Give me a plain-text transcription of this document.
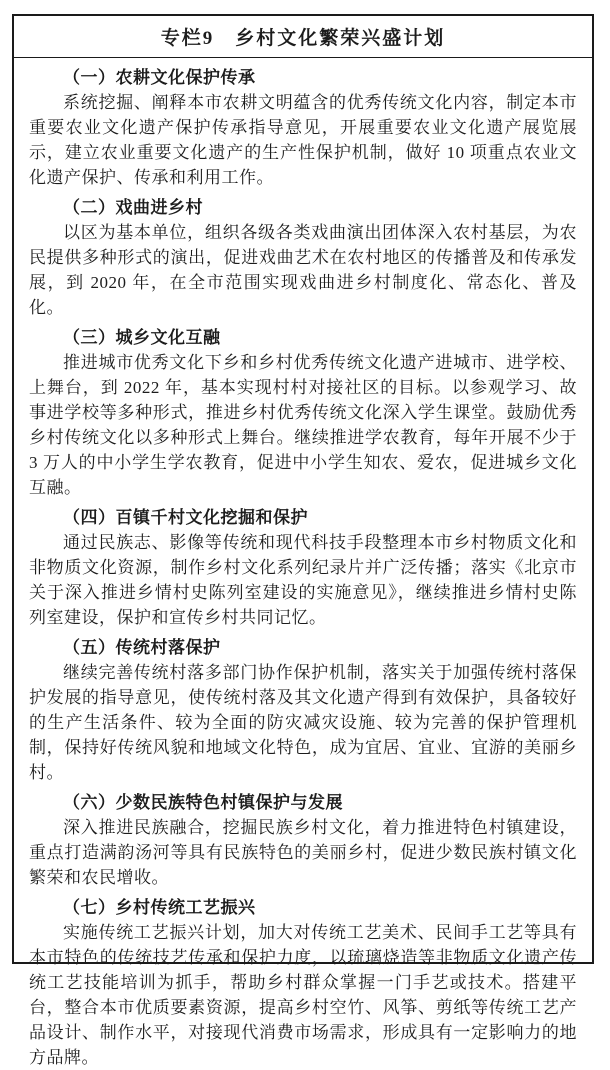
专栏9　乡村文化繁荣兴盛计划

（一）农耕文化保护传承

系统挖掘、阐释本市农耕文明蕴含的优秀传统文化内容，制定本市重要农业文化遗产保护传承指导意见，开展重要农业文化遗产展览展示，建立农业重要文化遗产的生产性保护机制，做好 10 项重点农业文化遗产保护、传承和利用工作。

（二）戏曲进乡村

以区为基本单位，组织各级各类戏曲演出团体深入农村基层，为农民提供多种形式的演出，促进戏曲艺术在农村地区的传播普及和传承发展，到 2020 年，在全市范围实现戏曲进乡村制度化、常态化、普及化。

（三）城乡文化互融

推进城市优秀文化下乡和乡村优秀传统文化遗产进城市、进学校、上舞台，到 2022 年，基本实现村村对接社区的目标。以参观学习、故事进学校等多种形式，推进乡村优秀传统文化深入学生课堂。鼓励优秀乡村传统文化以多种形式上舞台。继续推进学农教育，每年开展不少于 3 万人的中小学生学农教育，促进中小学生知农、爱农，促进城乡文化互融。

（四）百镇千村文化挖掘和保护

通过民族志、影像等传统和现代科技手段整理本市乡村物质文化和非物质文化资源，制作乡村文化系列纪录片并广泛传播；落实《北京市关于深入推进乡情村史陈列室建设的实施意见》，继续推进乡情村史陈列室建设，保护和宣传乡村共同记忆。

（五）传统村落保护

继续完善传统村落多部门协作保护机制，落实关于加强传统村落保护发展的指导意见，使传统村落及其文化遗产得到有效保护，具备较好的生产生活条件、较为全面的防灾减灾设施、较为完善的保护管理机制，保持好传统风貌和地域文化特色，成为宜居、宜业、宜游的美丽乡村。

（六）少数民族特色村镇保护与发展

深入推进民族融合，挖掘民族乡村文化，着力推进特色村镇建设，重点打造满韵汤河等具有民族特色的美丽乡村，促进少数民族村镇文化繁荣和农民增收。

（七）乡村传统工艺振兴

实施传统工艺振兴计划，加大对传统工艺美术、民间手工艺等具有本市特色的传统技艺传承和保护力度，以琉璃烧造等非物质文化遗产传统工艺技能培训为抓手，帮助乡村群众掌握一门手艺或技术。搭建平台，整合本市优质要素资源，提高乡村空竹、风筝、剪纸等传统工艺产品设计、制作水平，对接现代消费市场需求，形成具有一定影响力的地方品牌。
